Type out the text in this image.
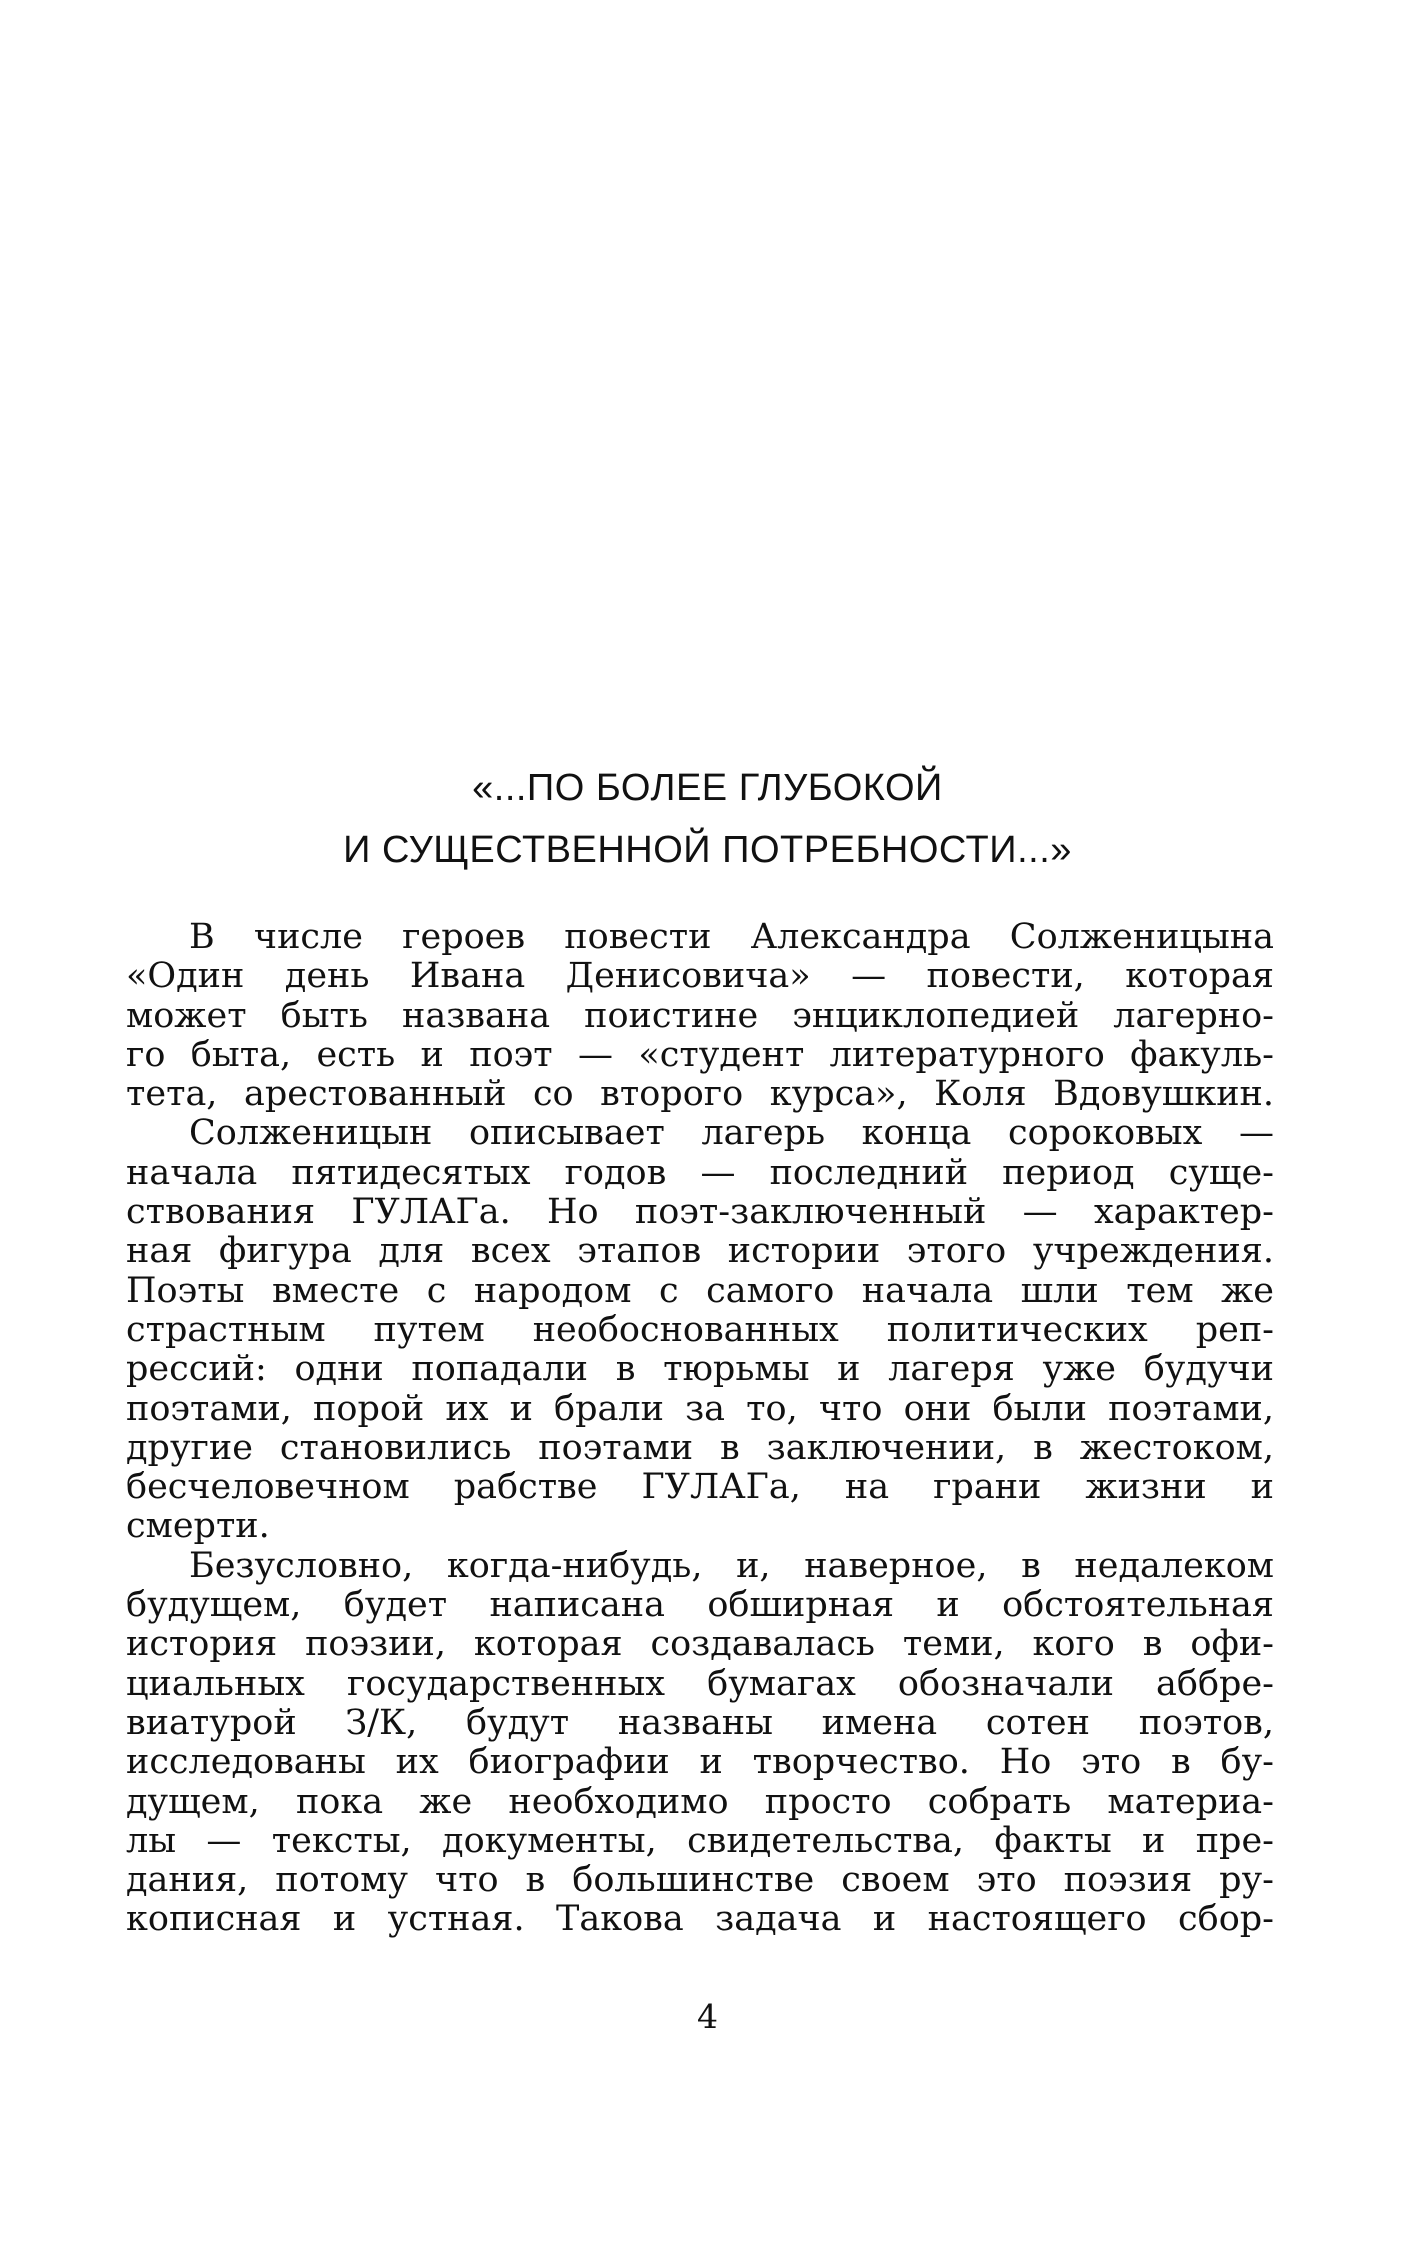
«...ПО БОЛЕЕ ГЛУБОКОЙ
И СУЩЕСТВЕННОЙ ПОТРЕБНОСТИ...»

В числе героев повести Александра Солженицына
«Один день Ивана Денисовича» — повести, которая
может быть названа поистине энциклопедией лагерно-
го быта, есть и поэт — «студент литературного факуль-
тета, арестованный со второго курса», Коля Вдовушкин.

Солженицын описывает лагерь конца сороковых —
начала пятидесятых годов — последний период суще-
ствования ГУЛАГа. Но поэт-заключенный — характер-
ная фигура для всех этапов истории этого учреждения.
Поэты вместе с народом с самого начала шли тем же
страстным путем необоснованных политических реп-
рессий: одни попадали в тюрьмы и лагеря уже будучи
поэтами, порой их и брали за то, что они были поэтами,
другие становились поэтами в заключении, в жестоком,
бесчеловечном рабстве ГУЛАГа, на грани жизни и
смерти.

Безусловно, когда-нибудь, и, наверное, в недалеком
будущем, будет написана обширная и обстоятельная
история поэзии, которая создавалась теми, кого в офи-
циальных государственных бумагах обозначали аббре-
виатурой З/К, будут названы имена сотен поэтов,
исследованы их биографии и творчество. Но это в бу-
дущем, пока же необходимо просто собрать материа-
лы — тексты, документы, свидетельства, факты и пре-
дания, потому что в большинстве своем это поэзия ру-
кописная и устная. Такова задача и настоящего сбор-

4
